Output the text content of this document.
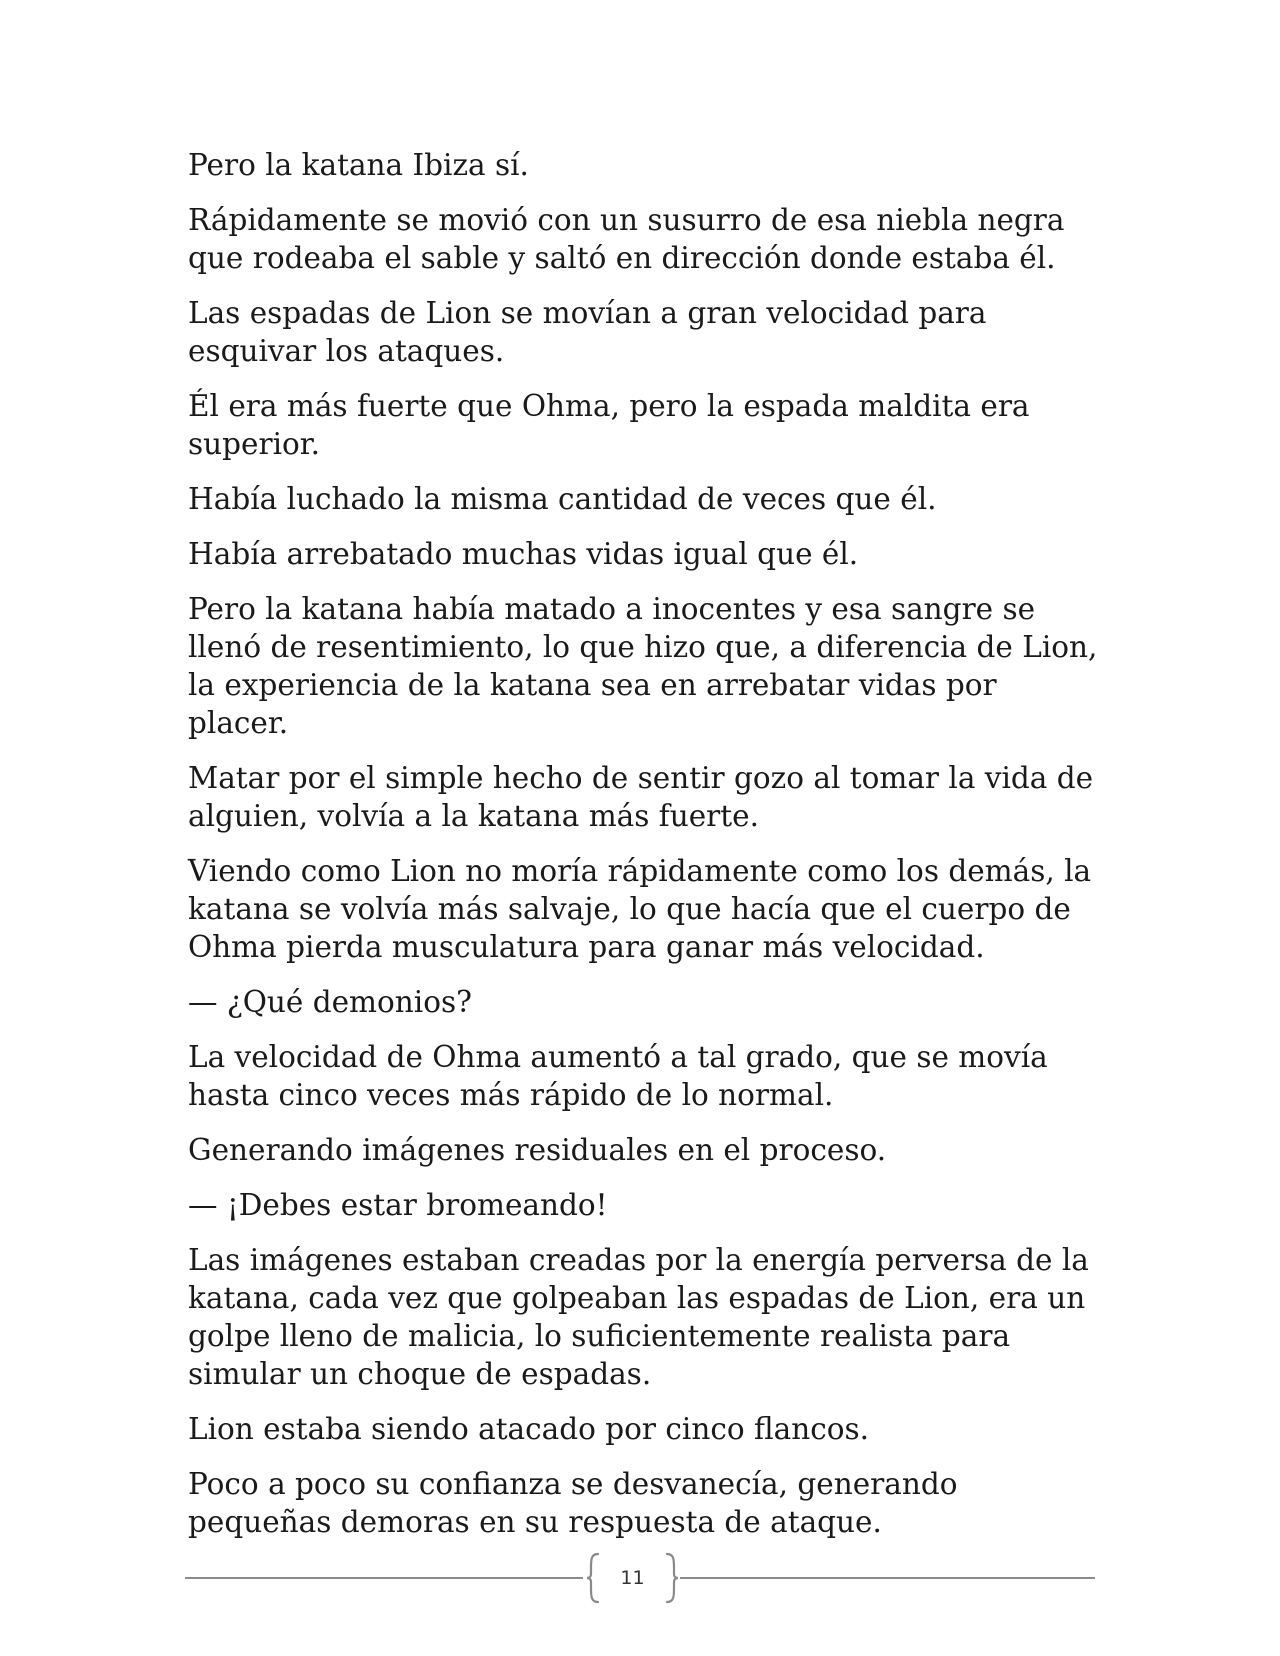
Pero la katana Ibiza sí.

Rápidamente se movió con un susurro de esa niebla negra que rodeaba el sable y saltó en dirección donde estaba él.

Las espadas de Lion se movían a gran velocidad para esquivar los ataques.

Él era más fuerte que Ohma, pero la espada maldita era superior.

Había luchado la misma cantidad de veces que él.

Había arrebatado muchas vidas igual que él.

Pero la katana había matado a inocentes y esa sangre se llenó de resentimiento, lo que hizo que, a diferencia de Lion, la experiencia de la katana sea en arrebatar vidas por placer.

Matar por el simple hecho de sentir gozo al tomar la vida de alguien, volvía a la katana más fuerte.

Viendo como Lion no moría rápidamente como los demás, la katana se volvía más salvaje, lo que hacía que el cuerpo de Ohma pierda musculatura para ganar más velocidad.

— ¿Qué demonios?

La velocidad de Ohma aumentó a tal grado, que se movía hasta cinco veces más rápido de lo normal.

Generando imágenes residuales en el proceso.

— ¡Debes estar bromeando!

Las imágenes estaban creadas por la energía perversa de la katana, cada vez que golpeaban las espadas de Lion, era un golpe lleno de malicia, lo suficientemente realista para simular un choque de espadas.

Lion estaba siendo atacado por cinco flancos.

Poco a poco su confianza se desvanecía, generando pequeñas demoras en su respuesta de ataque.

11
